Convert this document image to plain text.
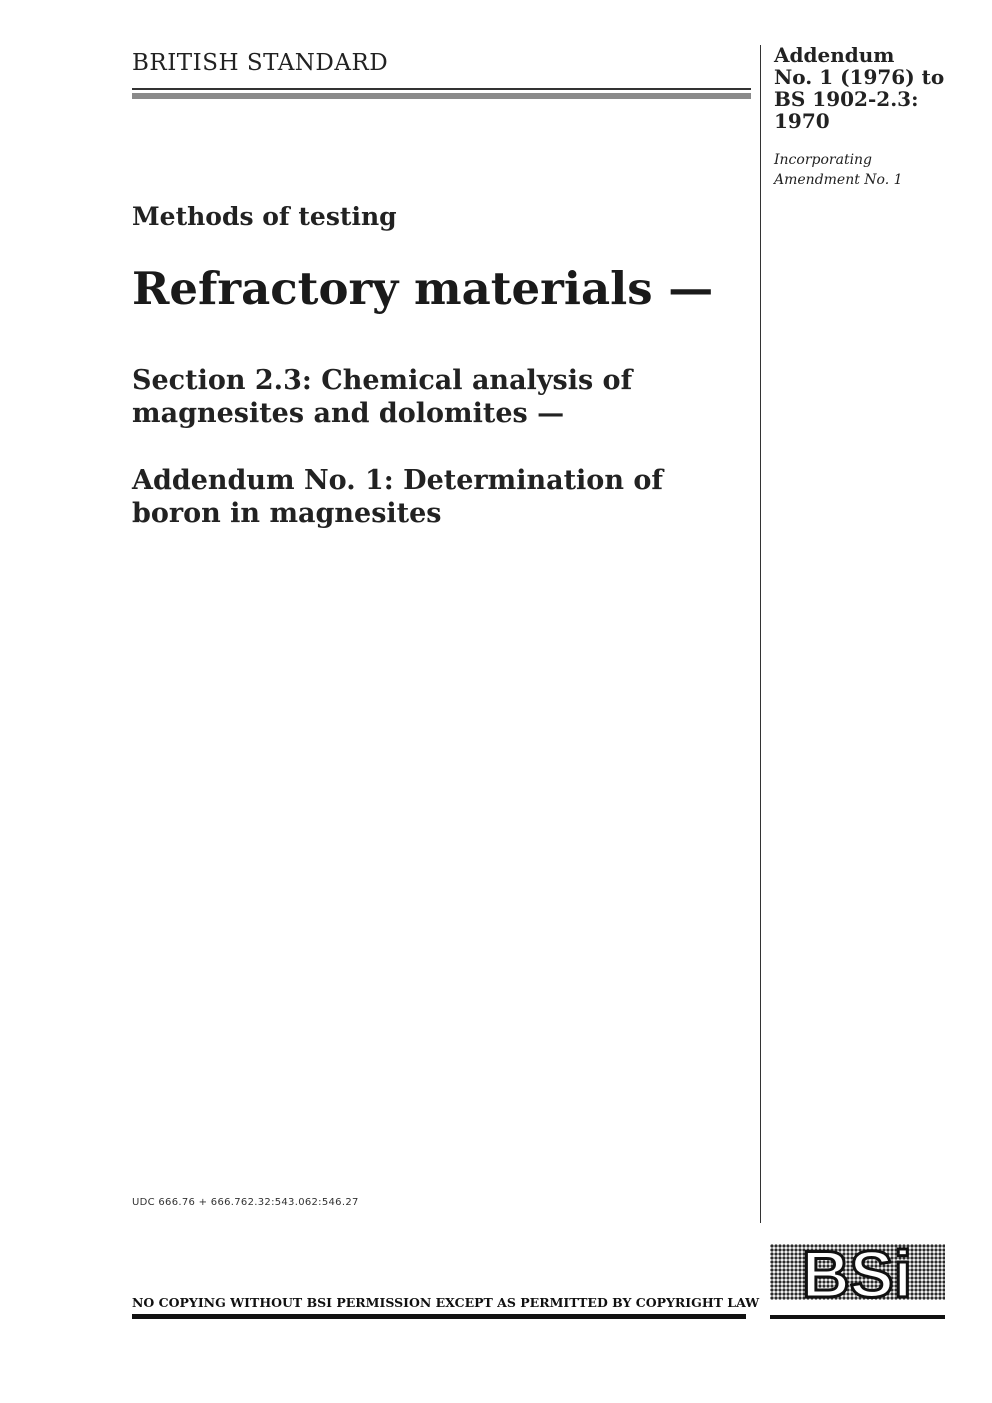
BRITISH STANDARD	Addendum
No. 1 (1976) to
BS 1902-2.3:
1970
Incorporating
Amendment No. 1
Methods of testing
Refractory materials —
Section 2.3: Chemical analysis of
magnesites and dolomites —
Addendum No. 1: Determination of
boron in magnesites
UDC 666.76 + 666.762.32:543.062:546.27
NO COPYING WITHOUT BSI PERMISSION EXCEPT AS PERMITTED BY COPYRIGHT LAW BSi
